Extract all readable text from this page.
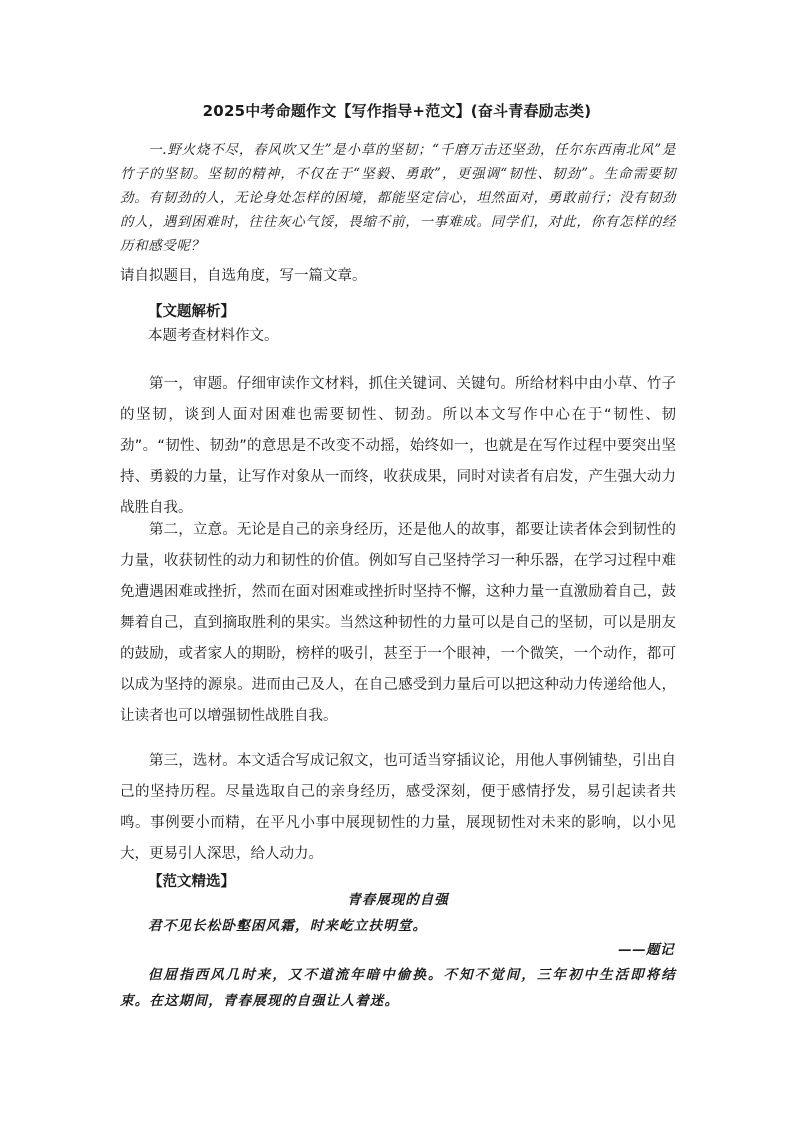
2025中考命题作文【写作指导+范文】(奋斗青春励志类)
一.野火烧不尽，春风吹又生”是小草的坚韧；“千磨万击还坚劲，任尔东西南北风”是竹子的坚韧。坚韧的精神，不仅在于“坚毅、勇敢”，更强调“韧性、韧劲”。生命需要韧劲。有韧劲的人，无论身处怎样的困境，都能坚定信心，坦然面对，勇敢前行；没有韧劲的人，遇到困难时，往往灰心气馁，畏缩不前，一事难成。同学们，对此，你有怎样的经历和感受呢？
请自拟题目，自选角度，写一篇文章。
【文题解析】
本题考查材料作文。
第一，审题。仔细审读作文材料，抓住关键词、关键句。所给材料中由小草、竹子的坚韧，谈到人面对困难也需要韧性、韧劲。所以本文写作中心在于“韧性、韧劲”。“韧性、韧劲”的意思是不改变不动摇，始终如一，也就是在写作过程中要突出坚持、勇毅的力量，让写作对象从一而终，收获成果，同时对读者有启发，产生强大动力战胜自我。
第二，立意。无论是自己的亲身经历，还是他人的故事，都要让读者体会到韧性的力量，收获韧性的动力和韧性的价值。例如写自己坚持学习一种乐器，在学习过程中难免遭遇困难或挫折，然而在面对困难或挫折时坚持不懈，这种力量一直激励着自己，鼓舞着自己，直到摘取胜利的果实。当然这种韧性的力量可以是自己的坚韧，可以是朋友的鼓励，或者家人的期盼，榜样的吸引，甚至于一个眼神，一个微笑，一个动作，都可以成为坚持的源泉。进而由己及人，在自己感受到力量后可以把这种动力传递给他人，让读者也可以增强韧性战胜自我。
第三，选材。本文适合写成记叙文，也可适当穿插议论，用他人事例铺垫，引出自己的坚持历程。尽量选取自己的亲身经历，感受深刻，便于感情抒发，易引起读者共鸣。事例要小而精，在平凡小事中展现韧性的力量，展现韧性对未来的影响，以小见大，更易引人深思，给人动力。
【范文精选】
青春展现的自强
君不见长松卧壑困风霜，时来屹立扶明堂。
——题记
但屈指西风几时来，又不道流年暗中偷换。不知不觉间，三年初中生活即将结束。在这期间，青春展现的自强让人着迷。
